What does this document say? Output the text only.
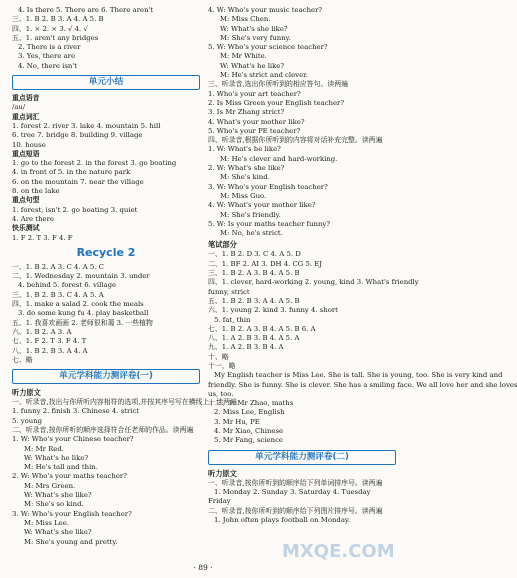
4. Is there 5. There are 6. There aren't
三、1. B 2. B 3. A 4. A 5. B
四、1. × 2. × 3. √ 4. √
五、1. aren't any bridges
2. There is a river
3. Yes, there are
4. No, there isn't
单元小结
重点语音
/au/
重点词汇
1. forest 2. river 3. lake 4. mountain 5. hill
6. tree 7. bridge 8. building 9. village
10. house
重点短语
1. go to the forest 2. in the forest 3. go boating
4. in front of 5. in the nature park
6. on the mountain 7. near the village
8. on the lake
重点句型
1. forest, isn't 2. go boating 3. quiet
4. Are there
快乐测试
1. F 2. T 3. F 4. F
Recycle 2
一、1. B 2. A 3. C 4. A 5. C
二、1. Wednesday 2. mountain 3. under
4. behind 5. forest 6. village
三、1. B 2. B 3. C 4. A 5. A
四、1. make a salad 2. cook the meals
3. do some kung fu 4. play basketball
五、1. 我喜欢画画 2. 老师很和蔼 3. 一些植物
六、1. B 2. A 3. A
七、1. F 2. T 3. F 4. T
八、1. B 2. B 3. A 4. A
七、略
单元学科能力测评卷(一)
听力原文
一、听录音,找出与你所听内容相符的选项,并按其序号写在横线上。读两遍
1. funny 2. finish 3. Chinese 4. strict
5. young
二、听录音,按你所听的顺序选择符合任老师的作品。读两遍
1. W: Who's your Chinese teacher?
M: Mr Red.
W: What's he like?
M: He's tall and thin.
2. W: Who's your maths teacher?
M: Mrs Green.
W: What's she like?
M: She's so kind.
3. W: Who's your English teacher?
M: Miss Lee.
W: What's she like?
M: She's young and pretty.
4. W: Who's your music teacher?
M: Miss Chen.
W: What's she like?
M: She's very funny.
5. W: Who's your science teacher?
M: Mr White.
W: What's he like?
M: He's strict and clever.
三、听录音,选出你所听到的相应答句。读两遍
1. Who's your art teacher?
2. Is Miss Green your English teacher?
3. Is Mr Zhang strict?
4. What's your mother like?
5. Who's your PE teacher?
四、听录音,根据你所听到的内容将对话补充完整。读两遍
1. W: What's he like?
M: He's clever and hard-working.
2. W: What's she like?
M: She's kind.
3. W: Who's your English teacher?
M: Miss Guo.
4. W: What's your mother like?
M: She's friendly.
5. W: Is your maths teacher funny?
M: No, he's strict.
笔试部分
一、1. B 2. D 3. C 4. A 5. D
二、1. BF 2. AI 3. DH 4. CG 5. EJ
三、1. B 2. A 3. B 4. A 5. B
四、1. clever, hard-working 2. young, kind 3. What's friendly
funny, strict
五、1. B 2. B 3. A 4. A 5. B
六、1. young 2. kind 3. funny 4. short
5. fat, thin
七、1. B 2. A 3. B 4. A 5. B 6. A
八、1. A 2. B 3. B 4. A 5. A
九、1. A 2. B 3. B 4. A
十、略
十一、略
My English teacher is Miss Lee. She is tall. She is young, too. She is very kind and
friendly. She is funny. She is clever. She has a smiling face. We all love her and she loves
us, too.
十二、1. Mr Zhao, maths
2. Miss Lee, English
3. Mr Hu, PE
4. Mr Xiao, Chinese
5. Mr Fang, science
单元学科能力测评卷(二)
听力原文
一、听录音,按你所听到的顺序给下列单词排序号。读两遍
1. Monday 2. Sunday 3. Saturday 4. Tuesday
Friday
二、听录音,按你所听到的顺序给下列图片排序号。读两遍
1. John often plays football on Monday.
· 89 ·
MXQE.COM
